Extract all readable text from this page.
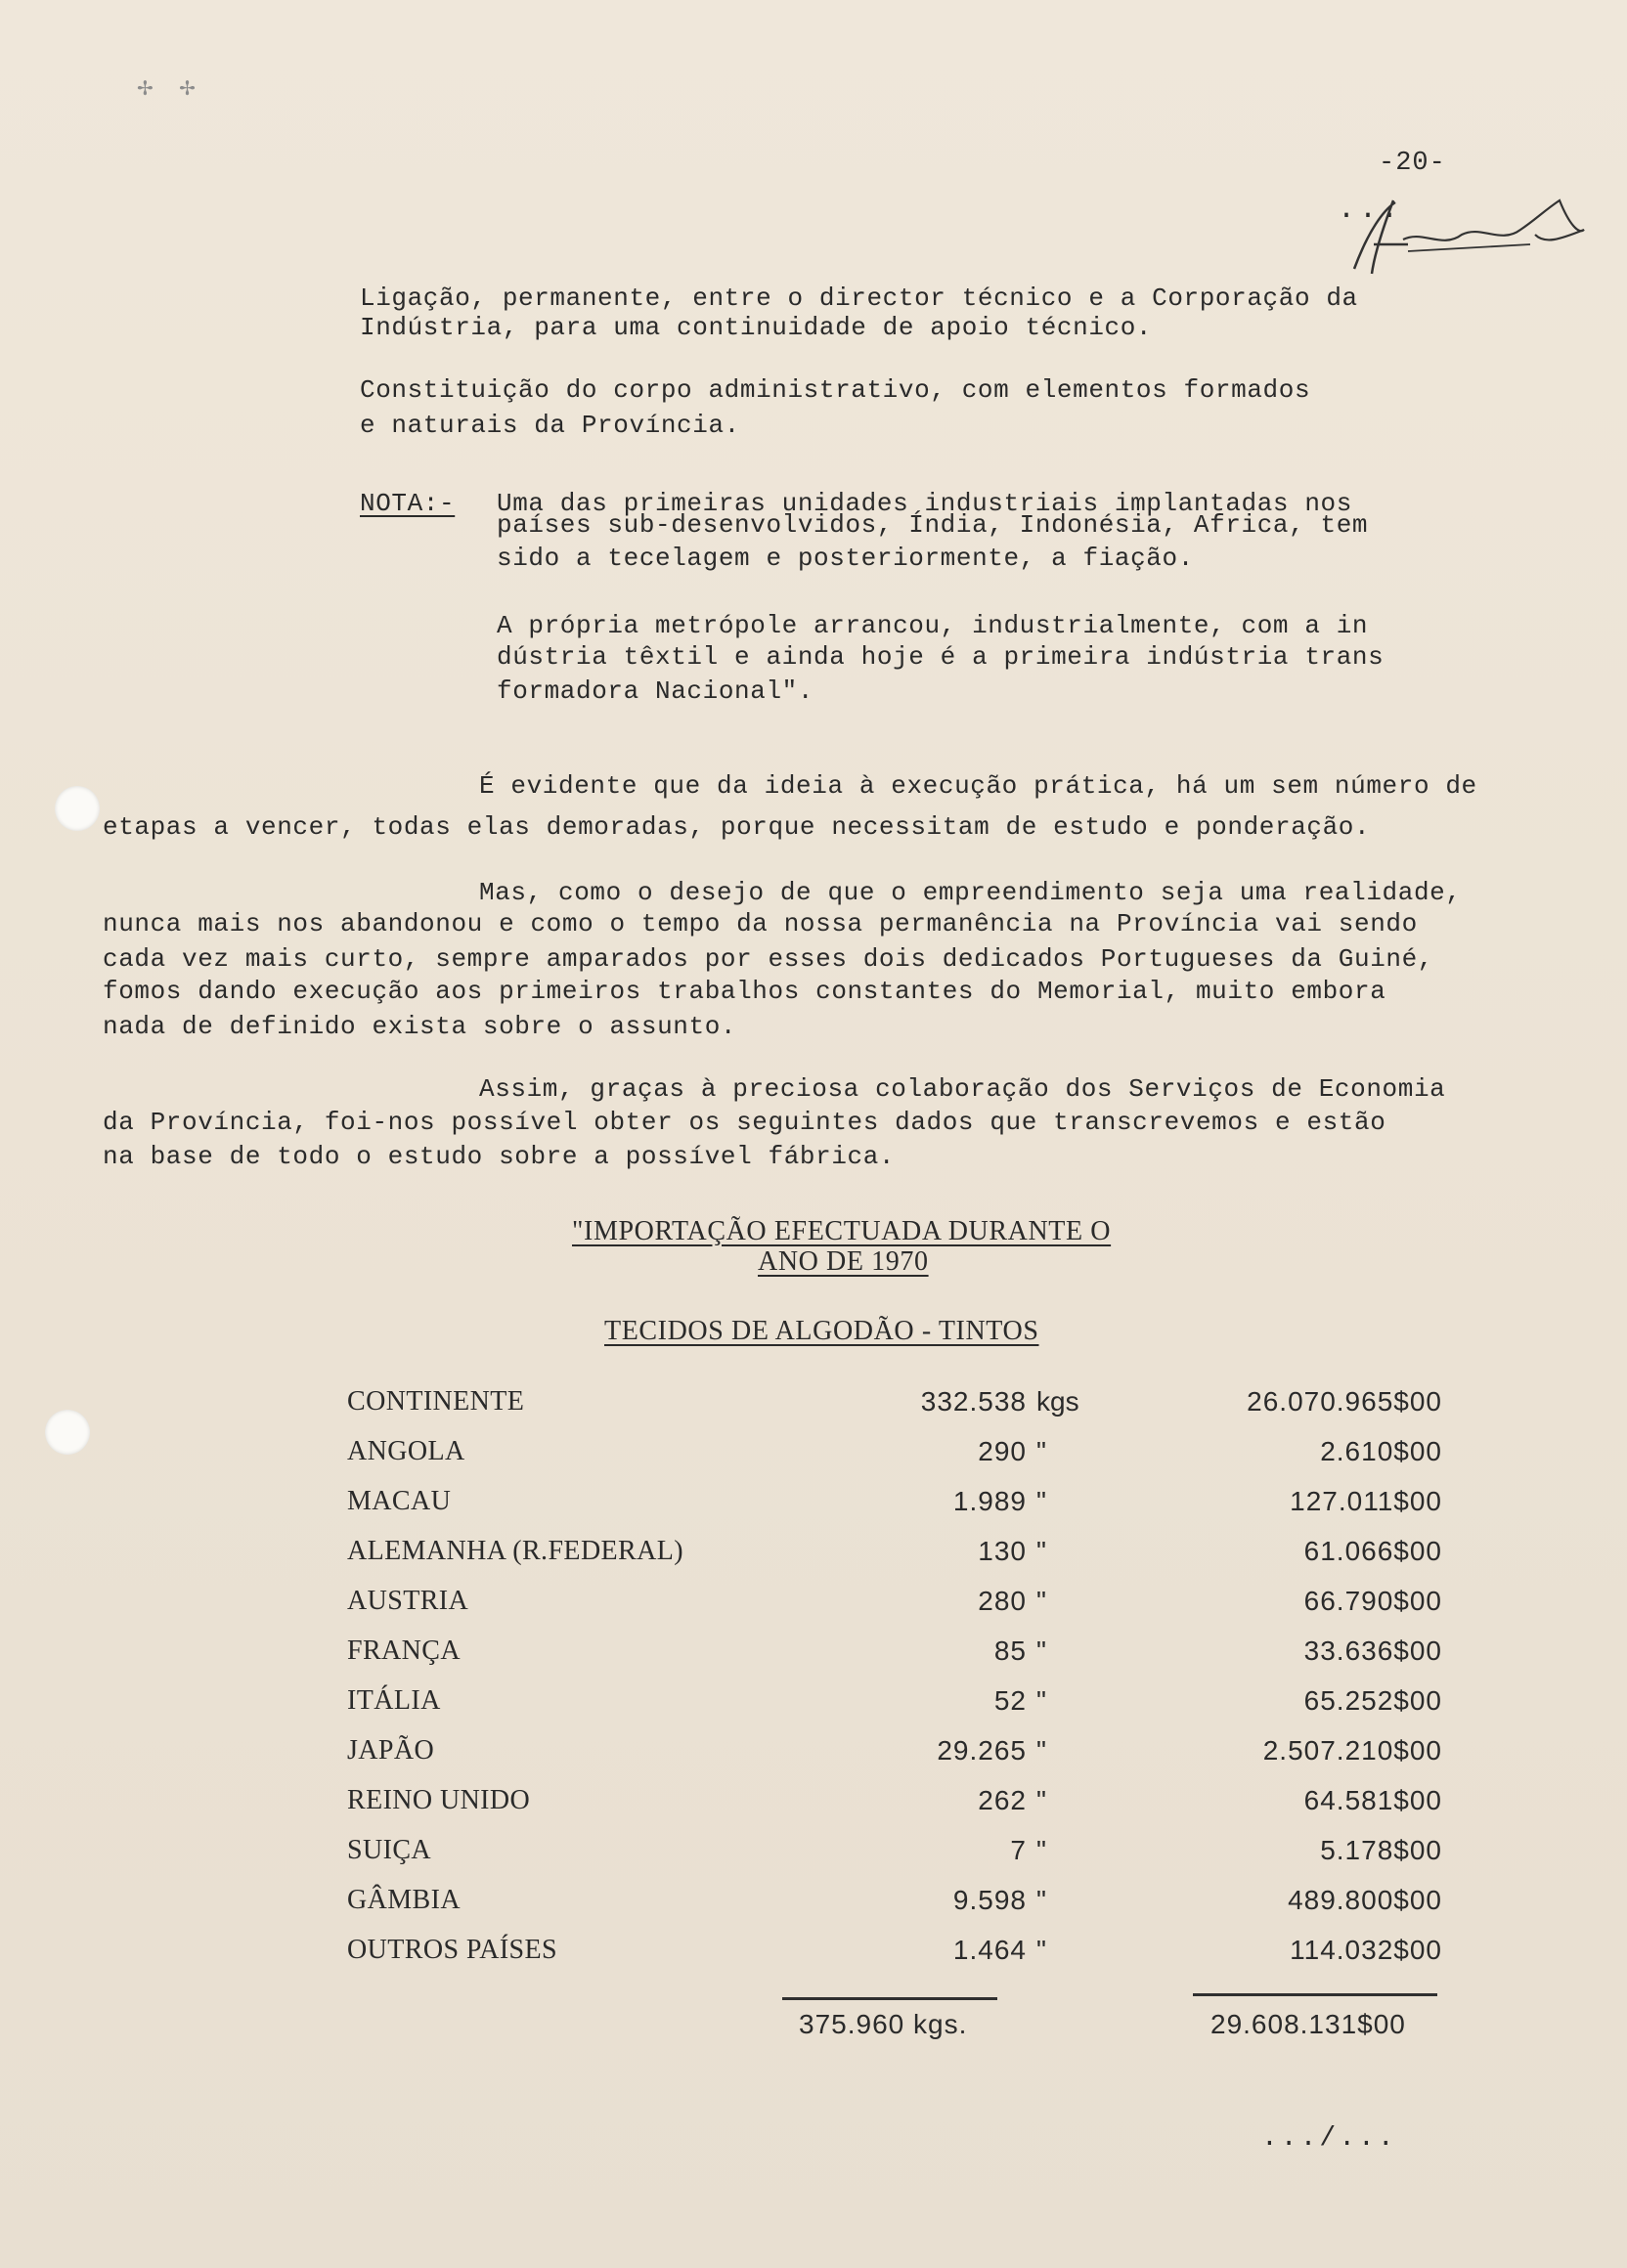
✢ ✢
-20-
...
Ligação, permanente, entre o director técnico e a Corporação da
Indústria, para uma continuidade de apoio técnico.
Constituição do corpo administrativo, com elementos formados
e naturais da Província.
NOTA:- Uma das primeiras unidades industriais implantadas nos
países sub-desenvolvidos, Índia, Indonésia, Africa, tem
sido a tecelagem e posteriormente, a fiação.
A própria metrópole arrancou, industrialmente, com a in
dústria têxtil e ainda hoje é a primeira indústria trans
formadora Nacional".
É evidente que da ideia à execução prática, há um sem número de
etapas a vencer, todas elas demoradas, porque necessitam de estudo e ponderação.
Mas, como o desejo de que o empreendimento seja uma realidade,
nunca mais nos abandonou e como o tempo da nossa permanência na Província vai sendo
cada vez mais curto, sempre amparados por esses dois dedicados Portugueses da Guiné,
fomos dando execução aos primeiros trabalhos constantes do Memorial, muito embora
nada de definido exista sobre o assunto.
Assim, graças à preciosa colaboração dos Serviços de Economia
da Província, foi-nos possível obter os seguintes dados que transcrevemos e estão
na base de todo o estudo sobre a possível fábrica.
"IMPORTAÇÃO EFECTUADA DURANTE O
ANO DE 1970
TECIDOS DE ALGODÃO - TINTOS
CONTINENTE	332.538 kgs	26.070.965$00
ANGOLA	290 "	2.610$00
MACAU	1.989 "	127.011$00
ALEMANHA (R.FEDERAL)	130 "	61.066$00
AUSTRIA	280 "	66.790$00
FRANÇA	85 "	33.636$00
ITÁLIA	52 "	65.252$00
JAPÃO	29.265 "	2.507.210$00
REINO UNIDO	262 "	64.581$00
SUIÇA	7 "	5.178$00
GÂMBIA	9.598 "	489.800$00
OUTROS PAÍSES	1.464 "	114.032$00
375.960 kgs.	29.608.131$00
.../...
